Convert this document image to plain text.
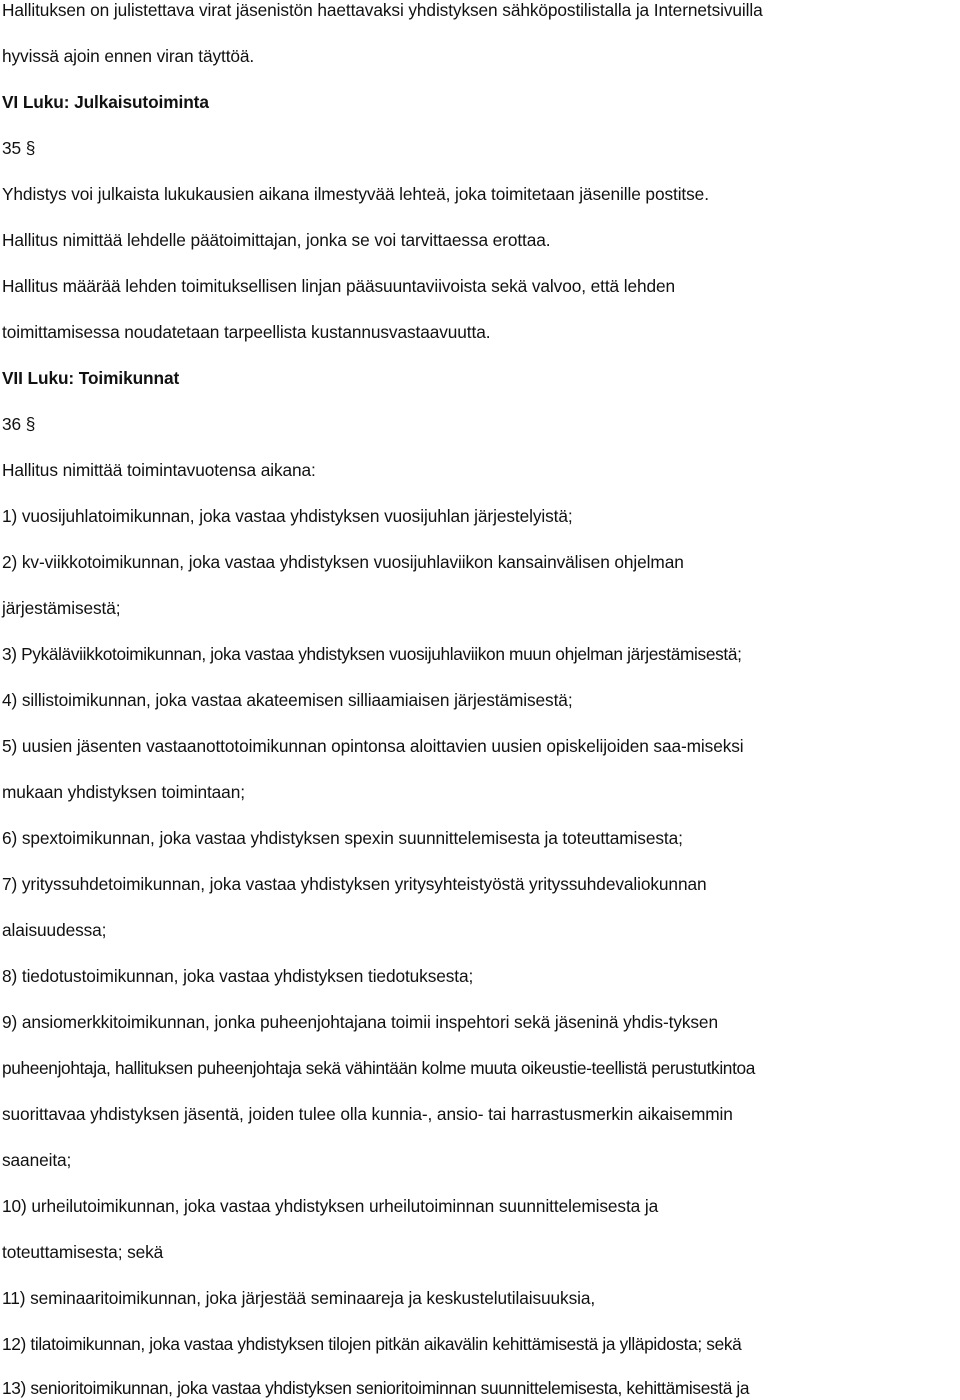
Hallituksen on julistettava virat jäsenistön haettavaksi yhdistyksen sähköpostilistalla ja Internetsivuilla
hyvissä ajoin ennen viran täyttöä.
VI Luku: Julkaisutoiminta
35 §
Yhdistys voi julkaista lukukausien aikana ilmestyvää lehteä, joka toimitetaan jäsenille postitse.
Hallitus nimittää lehdelle päätoimittajan, jonka se voi tarvittaessa erottaa.
Hallitus määrää lehden toimituksellisen linjan pääsuuntaviivoista sekä valvoo, että lehden
toimittamisessa noudatetaan tarpeellista kustannusvastaavuutta.
VII Luku: Toimikunnat
36 §
Hallitus nimittää toimintavuotensa aikana:
1) vuosijuhlatoimikunnan, joka vastaa yhdistyksen vuosijuhlan järjestelyistä;
2) kv-viikkotoimikunnan, joka vastaa yhdistyksen vuosijuhlaviikon kansainvälisen ohjelman
järjestämisestä;
3) Pykäläviikkotoimikunnan, joka vastaa yhdistyksen vuosijuhlaviikon muun ohjelman järjestämisestä;
4) sillistoimikunnan, joka vastaa akateemisen silliaamiaisen järjestämisestä;
5) uusien jäsenten vastaanottotoimikunnan opintonsa aloittavien uusien opiskelijoiden saa-miseksi
mukaan yhdistyksen toimintaan;
6) spextoimikunnan, joka vastaa yhdistyksen spexin suunnittelemisesta ja toteuttamisesta;
7) yrityssuhdetoimikunnan, joka vastaa yhdistyksen yritysyhteistyöstä yrityssuhdevaliokunnan
alaisuudessa;
8) tiedotustoimikunnan, joka vastaa yhdistyksen tiedotuksesta;
9) ansiomerkkitoimikunnan, jonka puheenjohtajana toimii inspehtori sekä jäseninä yhdis-tyksen
puheenjohtaja, hallituksen puheenjohtaja sekä vähintään kolme muuta oikeustie-teellistä perustutkintoa
suorittavaa yhdistyksen jäsentä, joiden tulee olla kunnia-, ansio- tai harrastusmerkin aikaisemmin
saaneita;
10) urheilutoimikunnan, joka vastaa yhdistyksen urheilutoiminnan suunnittelemisesta ja
toteuttamisesta; sekä
11) seminaaritoimikunnan, joka järjestää seminaareja ja keskustelutilaisuuksia,
12) tilatoimikunnan, joka vastaa yhdistyksen tilojen pitkän aikavälin kehittämisestä ja ylläpidosta; sekä
13) senioritoimikunnan, joka vastaa yhdistyksen senioritoiminnan suunnittelemisesta, kehittämisestä ja
